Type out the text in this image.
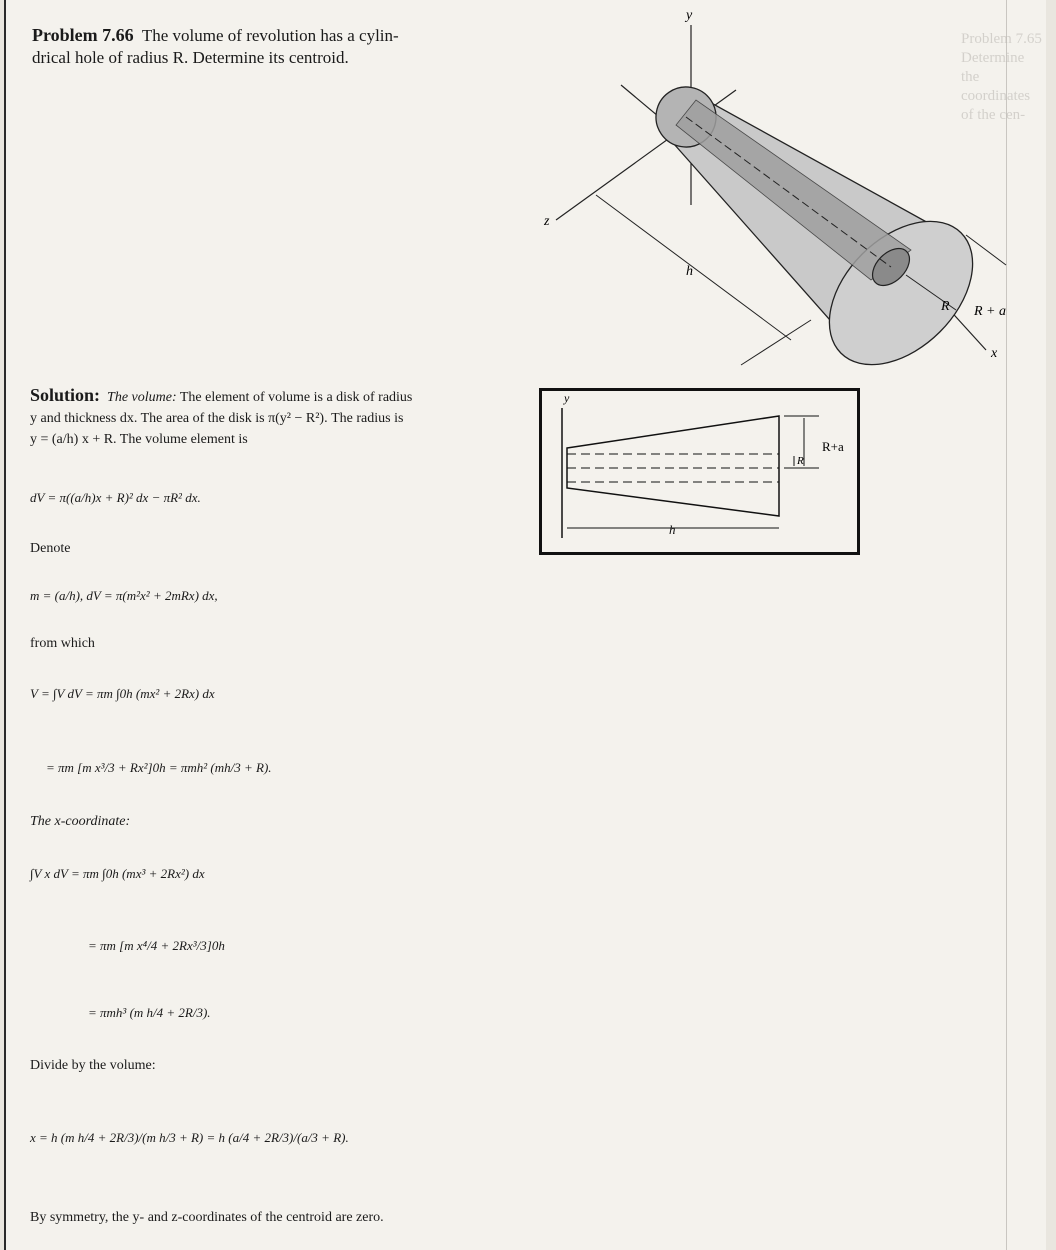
Problem 7.65  Determine the coordinates of the cen-
Problem 7.66 The volume of revolution has a cylin-
drical hole of radius R. Determine its centroid.
y
z
x
h
R R + a
y
R+a
R
h
Solution: The volume: The element of volume is a disk of radius
y and thickness dx. The area of the disk is π(y² − R²). The radius is
y = (a/h) x + R. The volume element is
dV = π((a/h)x + R)² dx − πR² dx.
Denote
m = (a/h), dV = π(m²x² + 2mRx) dx,
from which
V = ∫V dV = πm ∫0h (mx² + 2Rx) dx
= πm [m x³/3 + Rx²]0h = πmh² (mh/3 + R).
The x-coordinate:
∫V x dV = πm ∫0h (mx³ + 2Rx²) dx
= πm [m x⁴/4 + 2Rx³/3]0h
= πmh³ (m h/4 + 2R/3).
Divide by the volume:
x = h (m h/4 + 2R/3)/(m h/3 + R) = h (a/4 + 2R/3)/(a/3 + R).
By symmetry, the y- and z-coordinates of the centroid are zero.
